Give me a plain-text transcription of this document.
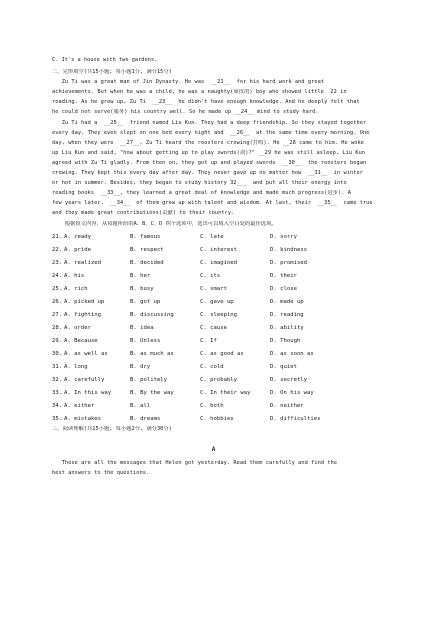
C. It's a house with two gardens.
二、完形填空(共15小题; 每小题1分, 满分15分)
Zu Ti was a great man of Jin Dynasty. He was  __21__  for his hard work and great
achievements. But when he was a child, he was a naughty(顽皮的) boy who showed little  22 in
reading. As he grew up, Zu Ti  __23__  he didn't have enough knowledge. And he deeply felt that
he could not serve(服务) his country well. So he made up __24__ mind to study hard.
Zu Ti had a  __25__  friend named Liu Kun. They had a deep friendship. So they stayed together
every day. They even slept on one bed every night and  __26__  at the same time every morning. One
day, when they were  __27__, Zu Ti heard the roosters crowing(打鸣). He __28 came to him. He woke
up Liu Kun and said, "how about getting up to play swords(剑)?" __29 he was still asleep, Liu Kun
agreed with Zu Ti gladly. From then on, they got up and played swords  __30__  the roosters began
crowing. They kept this every day after day. They never gave up no matter how  __31__  in winter
or hot in summer. Besides, they began to study history 32___  and put all their energy into
reading books  __33__, they learned a great deal of knowledge and made much progress(进步). A
few years later,  __34__  of them grew up with talent and wisdom. At last, their  __35__  came true
and they made great contributions(贡献) to their country.
根据短文内容，从每题所给的A、B、C、D 四个选项中，选出可以填入空白处的最佳选项。
21. A. ready	B. famous	C. late	D. sorry
22. A. pride	B. respect	C. interest	D. kindness
23. A. realized	B. decided	C. imagined	D. promised
24. A. his	B. her	C. its	D. their
25. A. rich	B. busy	C. smart	D. close
26. A. picked up	B. got up	C. gave up	D. made up
27. A. fighting	B. discussing	C. sleeping	D. reading
28. A. order	B. idea	C. cause	D. ability
29. A. Because	B. Unless	C. If	D. Though
30. A. as well as	B. as much as	C. as good as	D. as soon as
31. A. long	B. dry	C. cold	D. quiet
32. A. carefully	B. politely	C. probably	D. secretly
33. A. In this way	B. By the way	C. In their way	D. On his way
34. A. either	B. all	C. both	D. neither
35. A. mistakes	B. dreams	C. hobbies	D. difficulties
三、阅读理解(共15小题; 每小题2分, 满分30分)
A
These are all the messages that Helen got yesterday. Read them carefully and find the
best answers to the questions.
